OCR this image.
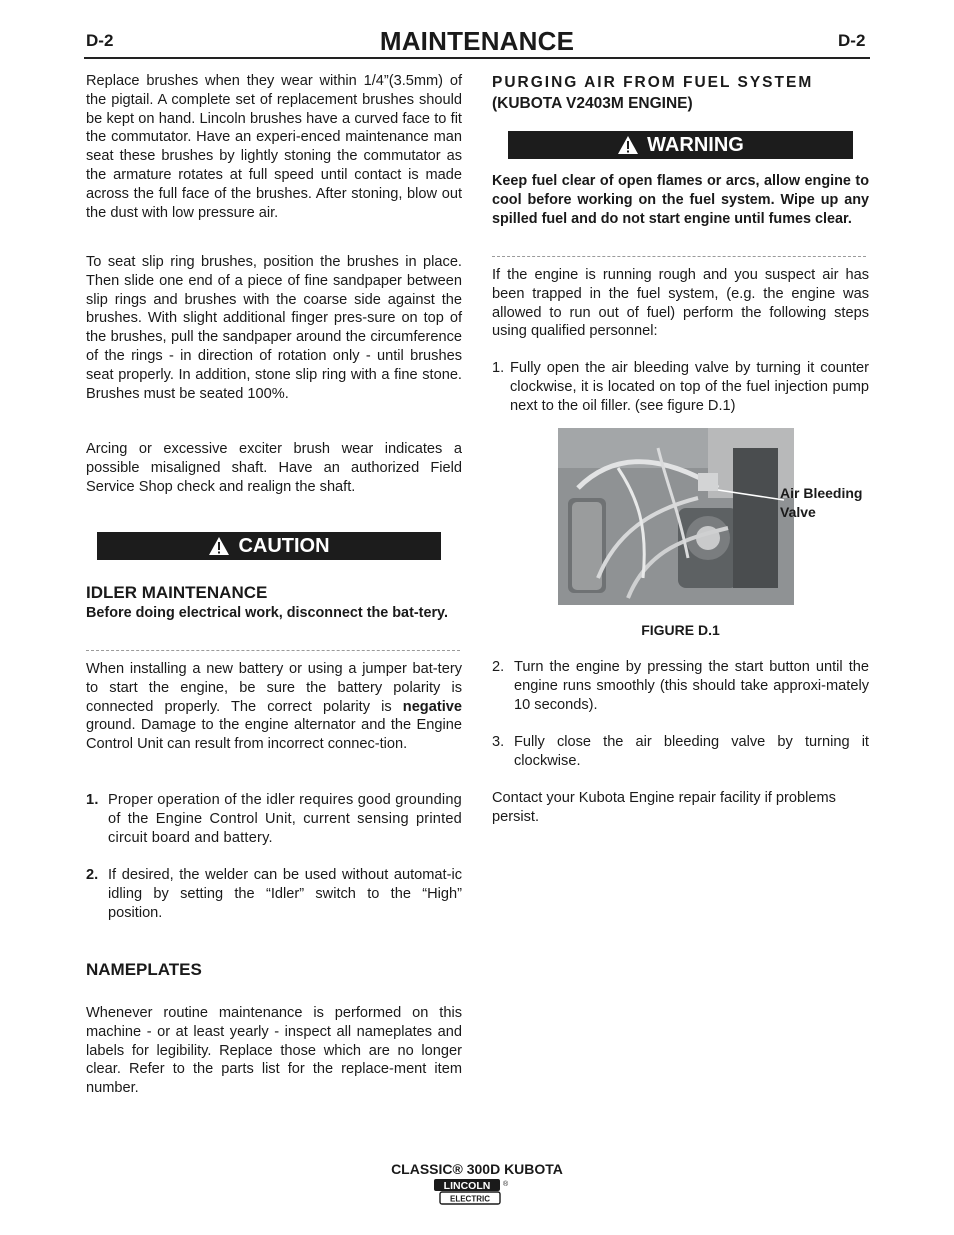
D-2	MAINTENANCE	D-2
Replace brushes when they wear within 1/4”(3.5mm) of the pigtail. A complete set of replacement brushes should be kept on hand. Lincoln brushes have a curved face to fit the commutator. Have an experi-enced maintenance man seat these brushes by lightly stoning the commutator as the armature rotates at full speed until contact is made across the full face of the brushes. After stoning, blow out the dust with low pressure air.
To seat slip ring brushes, position the brushes in place. Then slide one end of a piece of fine sandpaper between slip rings and brushes with the coarse side against the brushes. With slight additional finger pres-sure on top of the brushes, pull the sandpaper around the circumference of the rings - in direction of rotation only - until brushes seat properly. In addition, stone slip ring with a fine stone. Brushes must be seated 100%.
Arcing or excessive exciter brush wear indicates a possible misaligned shaft. Have an authorized Field Service Shop check and realign the shaft.
CAUTION
IDLER MAINTENANCE
Before doing electrical work, disconnect the bat-tery.
When installing a new battery or using a jumper bat-tery to start the engine, be sure the battery polarity is connected properly. The correct polarity is negative ground. Damage to the engine alternator and the Engine Control Unit can result from incorrect connec-tion.
1. Proper operation of the idler requires good grounding of the Engine Control Unit, current sensing printed circuit board and battery.
2. If desired, the welder can be used without automat-ic idling by setting the “Idler” switch to the “High” position.
NAMEPLATES
Whenever routine maintenance is performed on this machine - or at least yearly - inspect all nameplates and labels for legibility. Replace those which are no longer clear. Refer to the parts list for the replace-ment item number.
PURGING AIR FROM FUEL SYSTEM
(KUBOTA V2403M ENGINE)
WARNING
Keep fuel clear of open flames or arcs, allow engine to cool before working on the fuel system. Wipe up any spilled fuel and do not start engine until fumes clear.
If the engine is running rough and you suspect air has been trapped in the fuel system, (e.g. the engine was allowed to run out of fuel) perform the following steps using qualified personnel:
1. Fully open the air bleeding valve by turning it counter clockwise, it is located on top of the fuel injection pump next to the oil filler. (see figure D.1)
Air Bleeding
Valve
FIGURE D.1
2. Turn the engine by pressing the start button until the engine runs smoothly (this should take approxi-mately 10 seconds).
3. Fully close the air bleeding valve by turning it clockwise.
Contact your Kubota Engine repair facility if problems persist.
CLASSIC® 300D KUBOTA
LINCOLN
ELECTRIC
®
